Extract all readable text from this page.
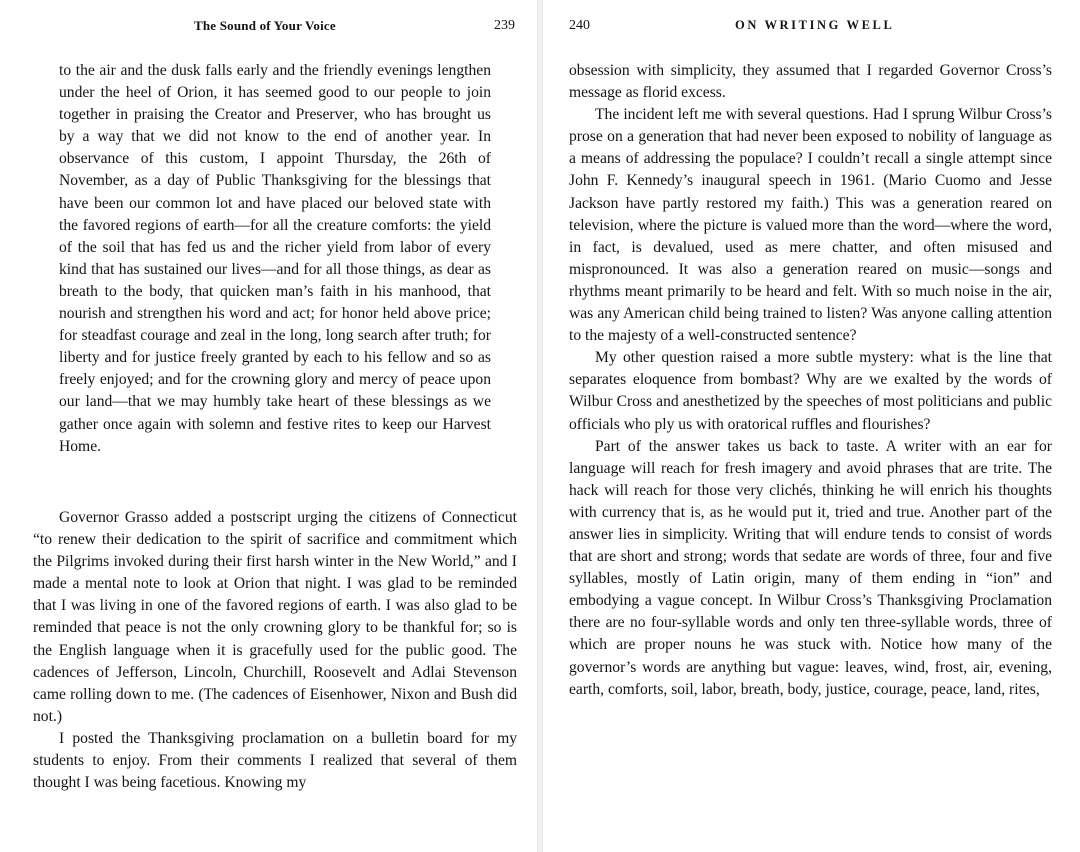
The Sound of Your Voice	239

to the air and the dusk falls early and the friendly evenings lengthen under the heel of Orion, it has seemed good to our people to join together in praising the Creator and Preserver, who has brought us by a way that we did not know to the end of another year. In observance of this custom, I appoint Thursday, the 26th of November, as a day of Public Thanksgiving for the blessings that have been our common lot and have placed our beloved state with the favored regions of earth—for all the creature comforts: the yield of the soil that has fed us and the richer yield from labor of every kind that has sustained our lives—and for all those things, as dear as breath to the body, that quicken man’s faith in his manhood, that nourish and strengthen his word and act; for honor held above price; for steadfast courage and zeal in the long, long search after truth; for liberty and for justice freely granted by each to his fellow and so as freely enjoyed; and for the crowning glory and mercy of peace upon our land—that we may humbly take heart of these blessings as we gather once again with solemn and festive rites to keep our Harvest Home.

Governor Grasso added a postscript urging the citizens of Connecticut “to renew their dedication to the spirit of sacrifice and commitment which the Pilgrims invoked during their first harsh winter in the New World,” and I made a mental note to look at Orion that night. I was glad to be reminded that I was living in one of the favored regions of earth. I was also glad to be reminded that peace is not the only crowning glory to be thankful for; so is the English language when it is gracefully used for the public good. The cadences of Jefferson, Lincoln, Churchill, Roosevelt and Adlai Stevenson came rolling down to me. (The cadences of Eisenhower, Nixon and Bush did not.)

I posted the Thanksgiving proclamation on a bulletin board for my students to enjoy. From their comments I realized that several of them thought I was being facetious. Knowing my

240	ON WRITING WELL

obsession with simplicity, they assumed that I regarded Governor Cross’s message as florid excess.

The incident left me with several questions. Had I sprung Wilbur Cross’s prose on a generation that had never been exposed to nobility of language as a means of addressing the populace? I couldn’t recall a single attempt since John F. Kennedy’s inaugural speech in 1961. (Mario Cuomo and Jesse Jackson have partly restored my faith.) This was a generation reared on television, where the picture is valued more than the word—where the word, in fact, is devalued, used as mere chatter, and often misused and mispronounced. It was also a generation reared on music—songs and rhythms meant primarily to be heard and felt. With so much noise in the air, was any American child being trained to listen? Was anyone calling attention to the majesty of a well-constructed sentence?

My other question raised a more subtle mystery: what is the line that separates eloquence from bombast? Why are we exalted by the words of Wilbur Cross and anesthetized by the speeches of most politicians and public officials who ply us with oratorical ruffles and flourishes?

Part of the answer takes us back to taste. A writer with an ear for language will reach for fresh imagery and avoid phrases that are trite. The hack will reach for those very clichés, thinking he will enrich his thoughts with currency that is, as he would put it, tried and true. Another part of the answer lies in simplicity. Writing that will endure tends to consist of words that are short and strong; words that sedate are words of three, four and five syllables, mostly of Latin origin, many of them ending in “ion” and embodying a vague concept. In Wilbur Cross’s Thanksgiving Proclamation there are no four-syllable words and only ten three-syllable words, three of which are proper nouns he was stuck with. Notice how many of the governor’s words are anything but vague: leaves, wind, frost, air, evening, earth, comforts, soil, labor, breath, body, justice, courage, peace, land, rites,
